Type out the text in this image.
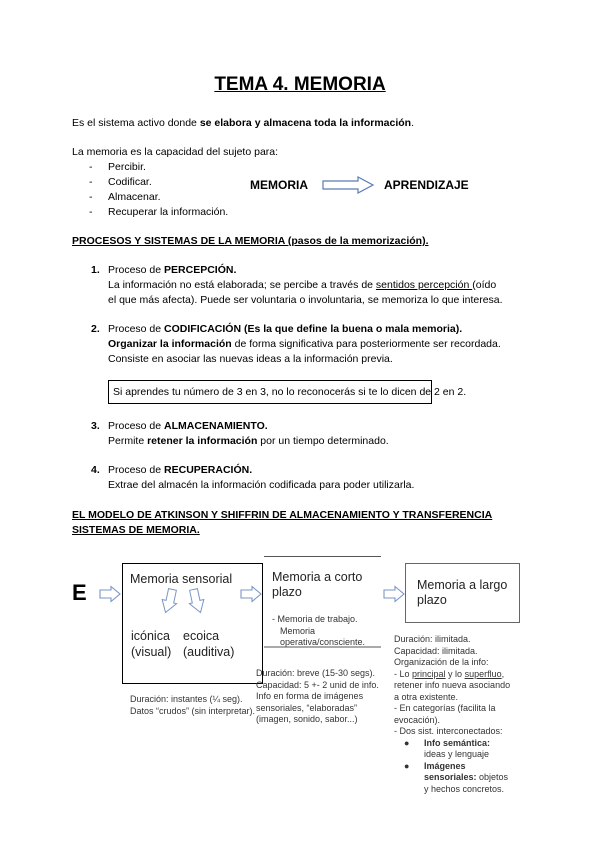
TEMA 4. MEMORIA
Es el sistema activo donde se elabora y almacena toda la información.
La memoria es la capacidad del sujeto para:
- Percibir.
- Codificar.
- Almacenar.
- Recuperar la información.
MEMORIA	APRENDIZAJE
PROCESOS Y SISTEMAS DE LA MEMORIA (pasos de la memorización).
1. Proceso de PERCEPCIÓN.
La información no está elaborada; se percibe a través de sentidos percepción (oído
el que más afecta). Puede ser voluntaria o involuntaria, se memoriza lo que interesa.
2. Proceso de CODIFICACIÓN (Es la que define la buena o mala memoria).
Organizar la información de forma significativa para posteriormente ser recordada.
Consiste en asociar las nuevas ideas a la información previa.
Si aprendes tu número de 3 en 3, no lo reconocerás si te lo dicen de 2 en 2.
3. Proceso de ALMACENAMIENTO.
Permite retener la información por un tiempo determinado.
4. Proceso de RECUPERACIÓN.
Extrae del almacén la información codificada para poder utilizarla.
EL MODELO DE ATKINSON Y SHIFFRIN DE ALMACENAMIENTO Y TRANSFERENCIA
SISTEMAS DE MEMORIA.
E
Memoria sensorial
icónica
(visual)
ecoica
(auditiva)
Duración: instantes (¼ seg).
Datos “crudos” (sin interpretar).
Memoria a corto
plazo
- Memoria de trabajo.
Memoria
operativa/consciente.
Duración: breve (15-30 segs).
Capacidad: 5 +- 2 unid de info.
Info en forma de imágenes
sensoriales, “elaboradas”
(imagen, sonido, sabor...)
Memoria a largo
plazo
Duración: ilimitada.
Capacidad: ilimitada.
Organización de la info:
- Lo principal y lo superfluo,
retener info nueva asociando
a otra existente.
- En categorías (facilita la
evocación).
- Dos sist. interconectados:
● Info semántica:
ideas y lenguaje
● Imágenes
sensoriales: objetos
y hechos concretos.
